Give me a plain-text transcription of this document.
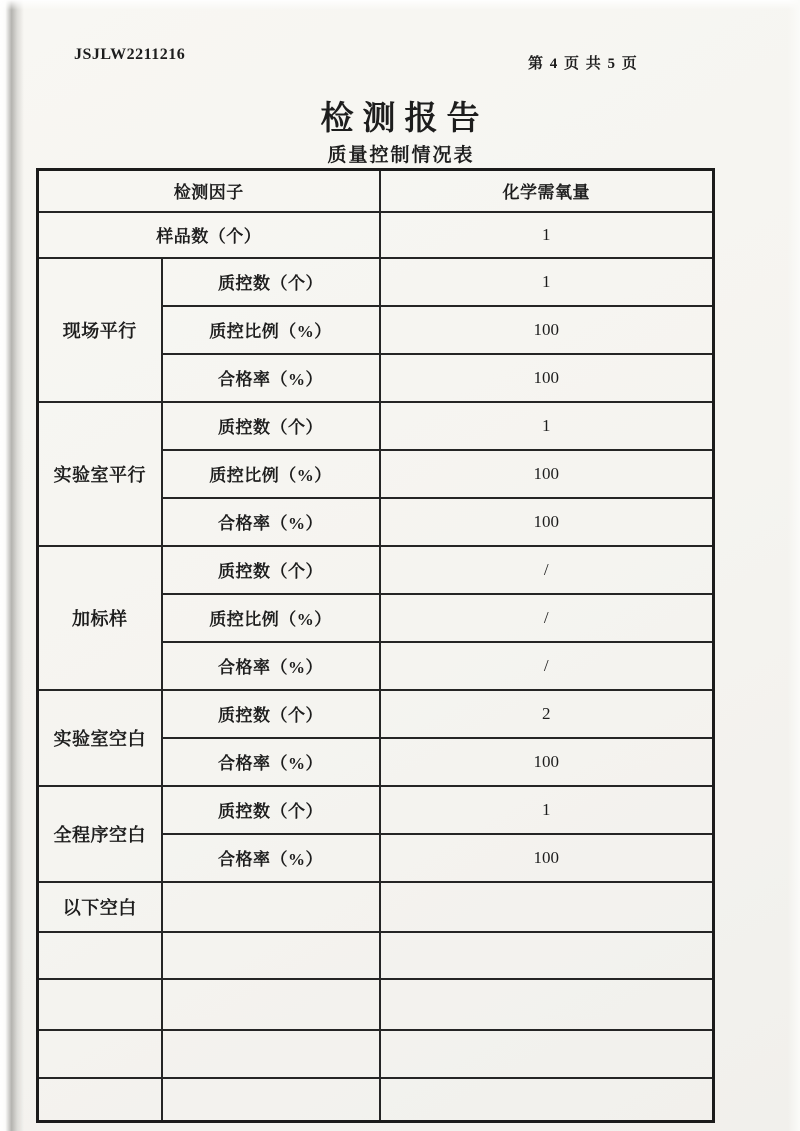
JSJLW2211216
第 4 页 共 5 页
检测报告
质量控制情况表
检测因子		化学需氧量
样品数（个）		1
现场平行	质控数（个）	1
	质控比例（%）	100
	合格率（%）	100
实验室平行	质控数（个）	1
	质控比例（%）	100
	合格率（%）	100
加标样	质控数（个）	/
	质控比例（%）	/
	合格率（%）	/
实验室空白	质控数（个）	2
	合格率（%）	100
全程序空白	质控数（个）	1
	合格率（%）	100
以下空白		
